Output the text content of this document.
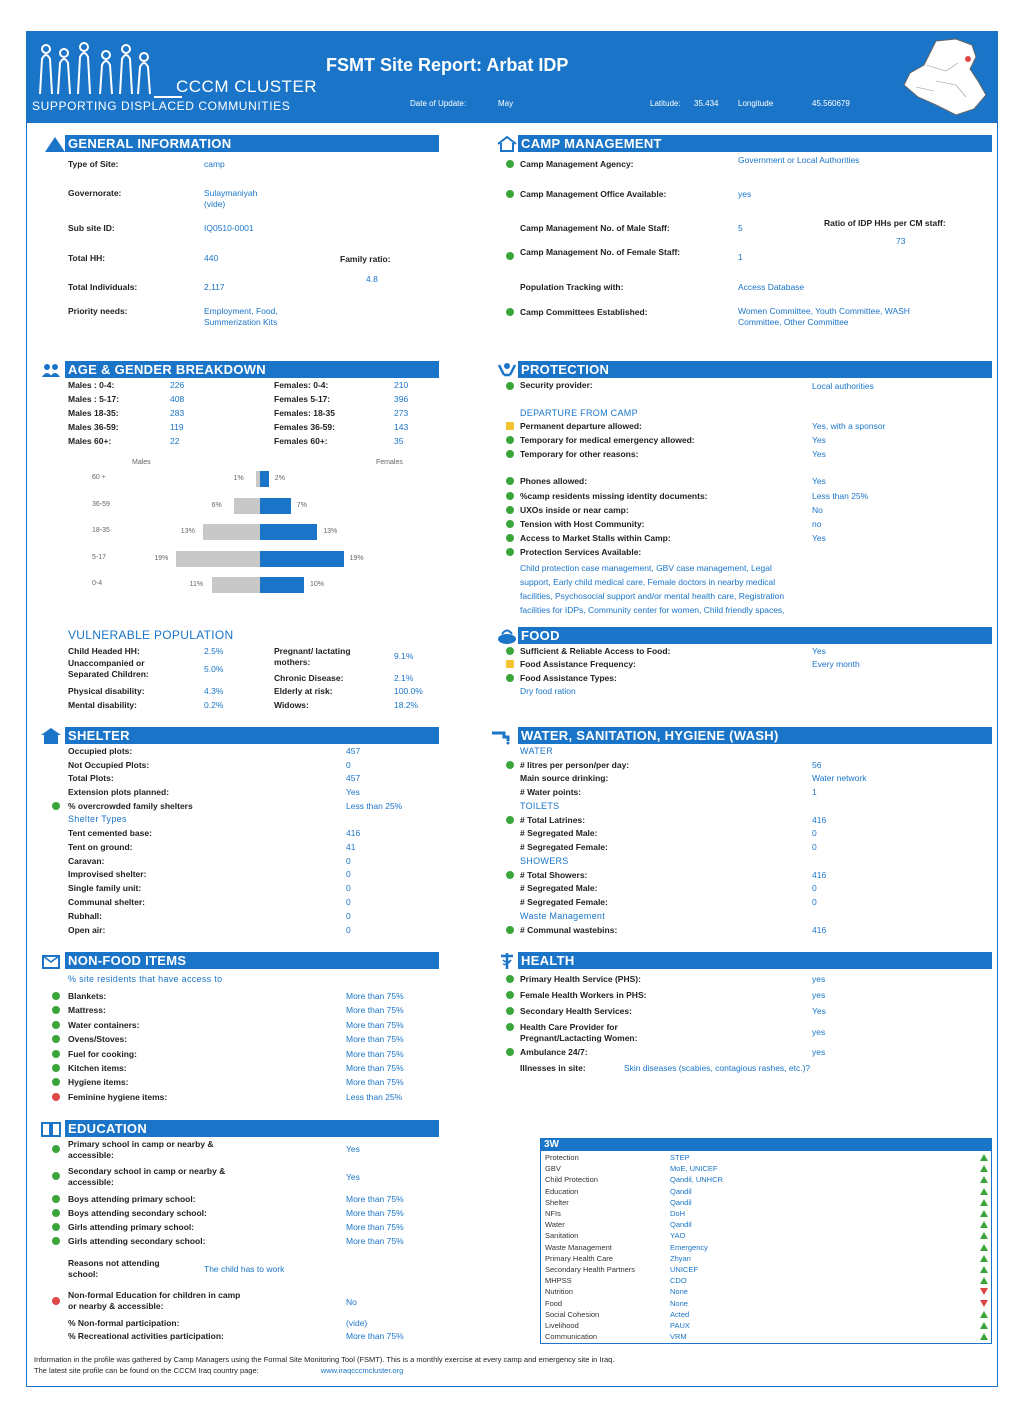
CCCM CLUSTER
SUPPORTING DISPLACED COMMUNITIES
FSMT Site Report: Arbat IDP
Date of Update:	May	Latitude: 35.434 Longitude	45.560679
GENERAL INFORMATION
Type of Site:	camp
Governorate:	Sulaymaniyah
(vide)
Sub site ID:	IQ0510-0001
Total HH:	440
Total Individuals:	2,117
Priority needs:	Employment, Food,
Summerization Kits
Family ratio:
4.8
CAMP MANAGEMENT
Camp Management Agency:	Government or Local Authorities
Camp Management Office Available:	yes
Camp Management No. of Male Staff:	5	Ratio of IDP HHs per CM staff:
73
Camp Management No. of Female Staff:	1
Population Tracking with:	Access Database
Camp Committees Established:	Women Committee, Youth Committee, WASH
Committee, Other Committee
AGE & GENDER BREAKDOWN
Males : 0-4:	226
Males : 5-17:	408
Males 18-35:	283
Males 36-59:	119
Males 60+:	22
Females: 0-4:	210
Females 5-17:	396
Females: 18-35	273
Females 36-59:	143
Females 60+:	35
Males	Females
60 +	1%	2%
36-59	6%	7%
18-35	13%	13%
5-17	19%	19%
0-4	11%	10%
VULNERABLE POPULATION
Child Headed HH:	2.5%
Unaccompanied or
Separated Children:	5.0%
Physical disability:	4.3%
Mental disability:	0.2%
Pregnant/ lactating
mothers:
9.1%
Chronic Disease:	2.1%
Elderly at risk:	100.0%
Widows:	18.2%
PROTECTION
Security provider:	Local authorities
DEPARTURE FROM CAMP
Permanent departure allowed:	Yes, with a sponsor
Temporary for medical emergency allowed:	Yes
Temporary for other reasons:	Yes
Phones allowed:	Yes
%camp residents missing identity documents:	Less than 25%
UXOs inside or near camp:	No
Tension with Host Community:	no
Access to Market Stalls within Camp:	Yes
Protection Services Available:
Child protection case management, GBV case management, Legal
support, Early child medical care, Female doctors in nearby medical
facilities, Psychosocial support and/or mental health care, Registration
facilities for IDPs, Community center for women, Child friendly spaces,
FOOD
Sufficient & Reliable Access to Food:	Yes
Food Assistance Frequency:	Every month
Food Assistance Types:
Dry food ration
SHELTER
Occupied plots:	457
Not Occupied Plots:	0
Total Plots:	457
Extension plots planned:	Yes
% overcrowded family shelters	Less than 25%
Shelter Types
Tent cemented base:	416
Tent on ground:	41
Caravan:	0
Improvised shelter:	0
Single family unit:	0
Communal shelter:	0
Rubhall:	0
Open air:	0
WATER, SANITATION, HYGIENE (WASH)
WATER
# litres per person/per day:	56
Main source drinking:	Water network
# Water points:	1
TOILETS
# Total Latrines:	416
# Segregated Male:	0
# Segregated Female:	0
SHOWERS
# Total Showers:	416
# Segregated Male:	0
# Segregated Female:	0
Waste Management
# Communal wastebins:	416
NON-FOOD ITEMS
% site residents that have access to
Blankets:	More than 75%
Mattress:	More than 75%
Water containers:	More than 75%
Ovens/Stoves:	More than 75%
Fuel for cooking:	More than 75%
Kitchen items:	More than 75%
Hygiene items:	More than 75%
Feminine hygiene items:	Less than 25%
HEALTH
Primary Health Service (PHS):	yes
Female Health Workers in PHS:	yes
Secondary Health Services:	Yes
Health Care Provider for
Pregnant/Lactacting Women:
yes
Ambulance 24/7:	yes
Illnesses in site:	Skin diseases (scabies, contagious rashes, etc.)?
EDUCATION
Primary school in camp or nearby &
accessible:
Yes
Secondary school in camp or nearby &
accessible:	Yes
Boys attending primary school:	More than 75%
Boys attending secondary school:	More than 75%
Girls attending primary school:	More than 75%
Girls attending secondary school:	More than 75%
Reasons not attending
school:	The child has to work
Non-formal Education for children in camp
or nearby & accessible:	No
% Non-formal participation:	(vide)
% Recreational activities participation:	More than 75%
3W
Protection	STEP
GBV	MoE, UNICEF
Child Protection	Qandil, UNHCR
Education	Qandil
Shelter	Qandil
NFIs	DoH
Water	Qandil
Sanitation	YAO
Waste Management	Emergency
Primary Health Care	Zhyan
Secondary Health Partners	UNICEF
MHPSS	CDO
Nutrition	None
Food	None
Social Cohesion	Acted
Livelihood	PAUX
Communication	VRM
Information in the profile was gathered by Camp Managers using the Formal Site Monitoring Tool (FSMT). This is a monthly exercise at every camp and emergency site in Iraq.
The latest site profile can be found on the CCCM Iraq country page:	www.iraqcccmcluster.org
